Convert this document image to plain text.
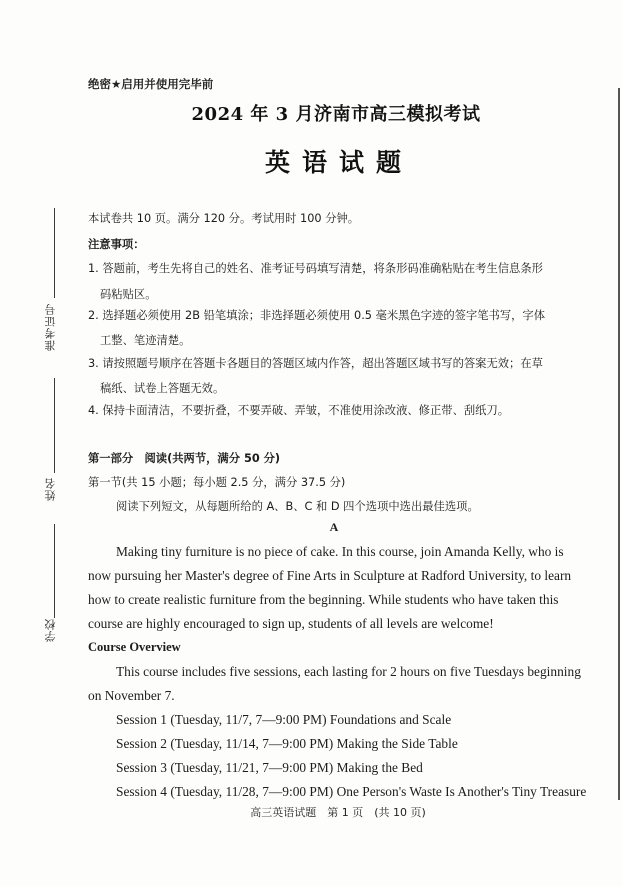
准考证号
姓名
学校
绝密★启用并使用完毕前
2024 年 3 月济南市高三模拟考试
英语试题
本试卷共 10 页。满分 120 分。考试用时 100 分钟。
注意事项：
1. 答题前，考生先将自己的姓名、准考证号码填写清楚，将条形码准确粘贴在考生信息条形
码粘贴区。
2. 选择题必须使用 2B 铅笔填涂；非选择题必须使用 0.5 毫米黑色字迹的签字笔书写，字体
工整、笔迹清楚。
3. 请按照题号顺序在答题卡各题目的答题区域内作答，超出答题区域书写的答案无效；在草
稿纸、试卷上答题无效。
4. 保持卡面清洁，不要折叠，不要弄破、弄皱，不准使用涂改液、修正带、刮纸刀。
第一部分　阅读(共两节，满分 50 分)
第一节(共 15 小题；每小题 2.5 分，满分 37.5 分)
阅读下列短文，从每题所给的 A、B、C 和 D 四个选项中选出最佳选项。
A
Making tiny furniture is no piece of cake. In this course, join Amanda Kelly, who is
now pursuing her Master's degree of Fine Arts in Sculpture at Radford University, to learn
how to create realistic furniture from the beginning. While students who have taken this
course are highly encouraged to sign up, students of all levels are welcome!
Course Overview
This course includes five sessions, each lasting for 2 hours on five Tuesdays beginning
on November 7.
Session 1 (Tuesday, 11/7, 7—9:00 PM) Foundations and Scale
Session 2 (Tuesday, 11/14, 7—9:00 PM) Making the Side Table
Session 3 (Tuesday, 11/21, 7—9:00 PM) Making the Bed
Session 4 (Tuesday, 11/28, 7—9:00 PM) One Person's Waste Is Another's Tiny Treasure
高三英语试题　第 1 页　(共 10 页)
